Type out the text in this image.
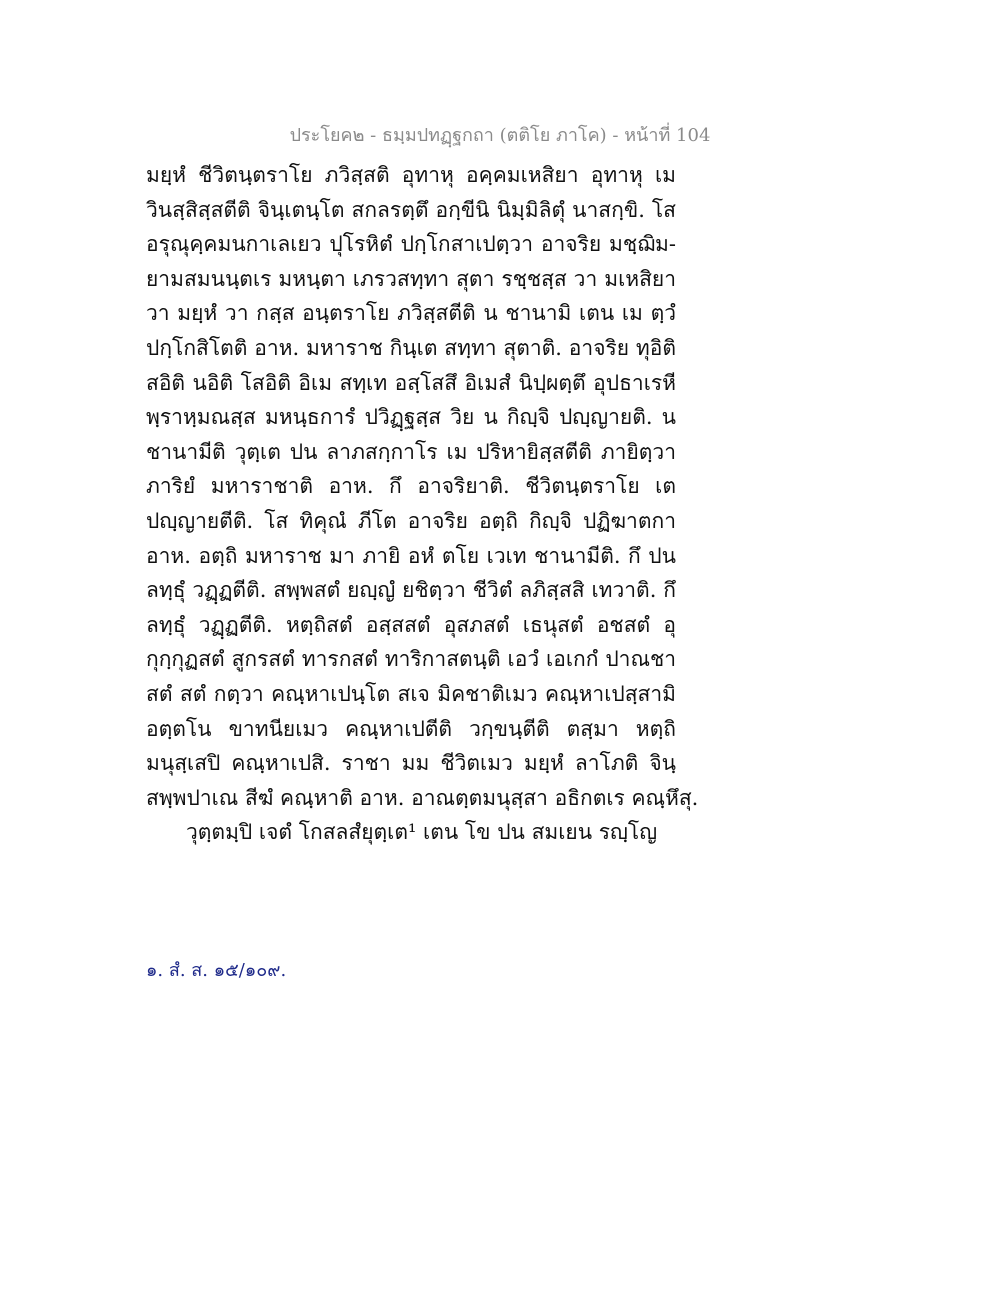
ประโยค๒ - ธมฺมปทฏฺฐกถา (ตติโย ภาโค) - หน้าที่ 104
มยฺหํ ชีวิตนฺตราโย ภวิสฺสติ อุทาหุ อคฺคมเหสิยา อุทาหุ เม
วินสฺสิสฺสตีติ จินฺเตนฺโต สกลรตฺตึ อกฺขีนิ นิมฺมิลิตุํ นาสกฺขิ. โส
อรุณุคฺคมนกาเลเยว ปุโรหิตํ ปกฺโกสาเปตฺวา อาจริย มชฺฌิม-
ยามสมนนฺตเร มหนฺตา เภรวสทฺทา สุตา รชฺชสฺส วา มเหสิยา
วา มยฺหํ วา กสฺส อนฺตราโย ภวิสฺสตีติ น ชานามิ เตน เม ตฺวํ
ปกฺโกสิโตติ อาห. มหาราช กินฺเต สทฺทา สุตาติ. อาจริย ทุอิติ
สอิติ นอิติ โสอิติ อิเม สทฺเท อสฺโสสึ อิเมสํ นิปฺผตฺตึ อุปธาเรหี
พฺราหฺมณสฺส มหนฺธการํ ปวิฏฺฐสฺส วิย น กิญฺจิ ปญฺญายติ. น
ชานามีติ วุตฺเต ปน ลาภสกฺกาโร เม ปริหายิสฺสตีติ ภายิตฺวา
ภาริยํ มหาราชาติ อาห. กึ อาจริยาติ. ชีวิตนฺตราโย เต
ปญฺญายตีติ. โส ทิคุณํ ภีโต อาจริย อตฺถิ กิญฺจิ ปฏิฆาตกา
อาห. อตฺถิ มหาราช มา ภายิ อหํ ตโย เวเท ชานามีติ. กึ ปน
ลทฺธุํ วฏฺฏตีติ. สพฺพสตํ ยญฺญํ ยชิตฺวา ชีวิตํ ลภิสฺสสิ เทวาติ. กึ
ลทฺธุํ วฏฺฏตีติ. หตฺถิสตํ อสฺสสตํ อุสภสตํ เธนุสตํ อชสตํ อุ
กุกฺกุฏสตํ สูกรสตํ ทารกสตํ ทาริกาสตนฺติ เอวํ เอเกกํ ปาณชา
สตํ สตํ กตฺวา คณฺหาเปนฺโต สเจ มิคชาติเมว คณฺหาเปสฺสามิ
อตฺตโน ขาทนียเมว คณฺหาเปตีติ วกฺขนฺตีติ ตสฺมา หตฺถิ
มนุสฺเสปิ คณฺหาเปสิ. ราชา มม ชีวิตเมว มยฺหํ ลาโภติ จินฺ
สพฺพปาเณ สีฆํ คณฺหาติ อาห. อาณตฺตมนุสฺสา อธิกตเร คณฺหึสุ.
วุตฺตมฺปิ เจตํ โกสลสํยุตฺเต¹ เตน โข ปน สมเยน รญฺโญ
๑. สํ. ส. ๑๕/๑๐๙.
